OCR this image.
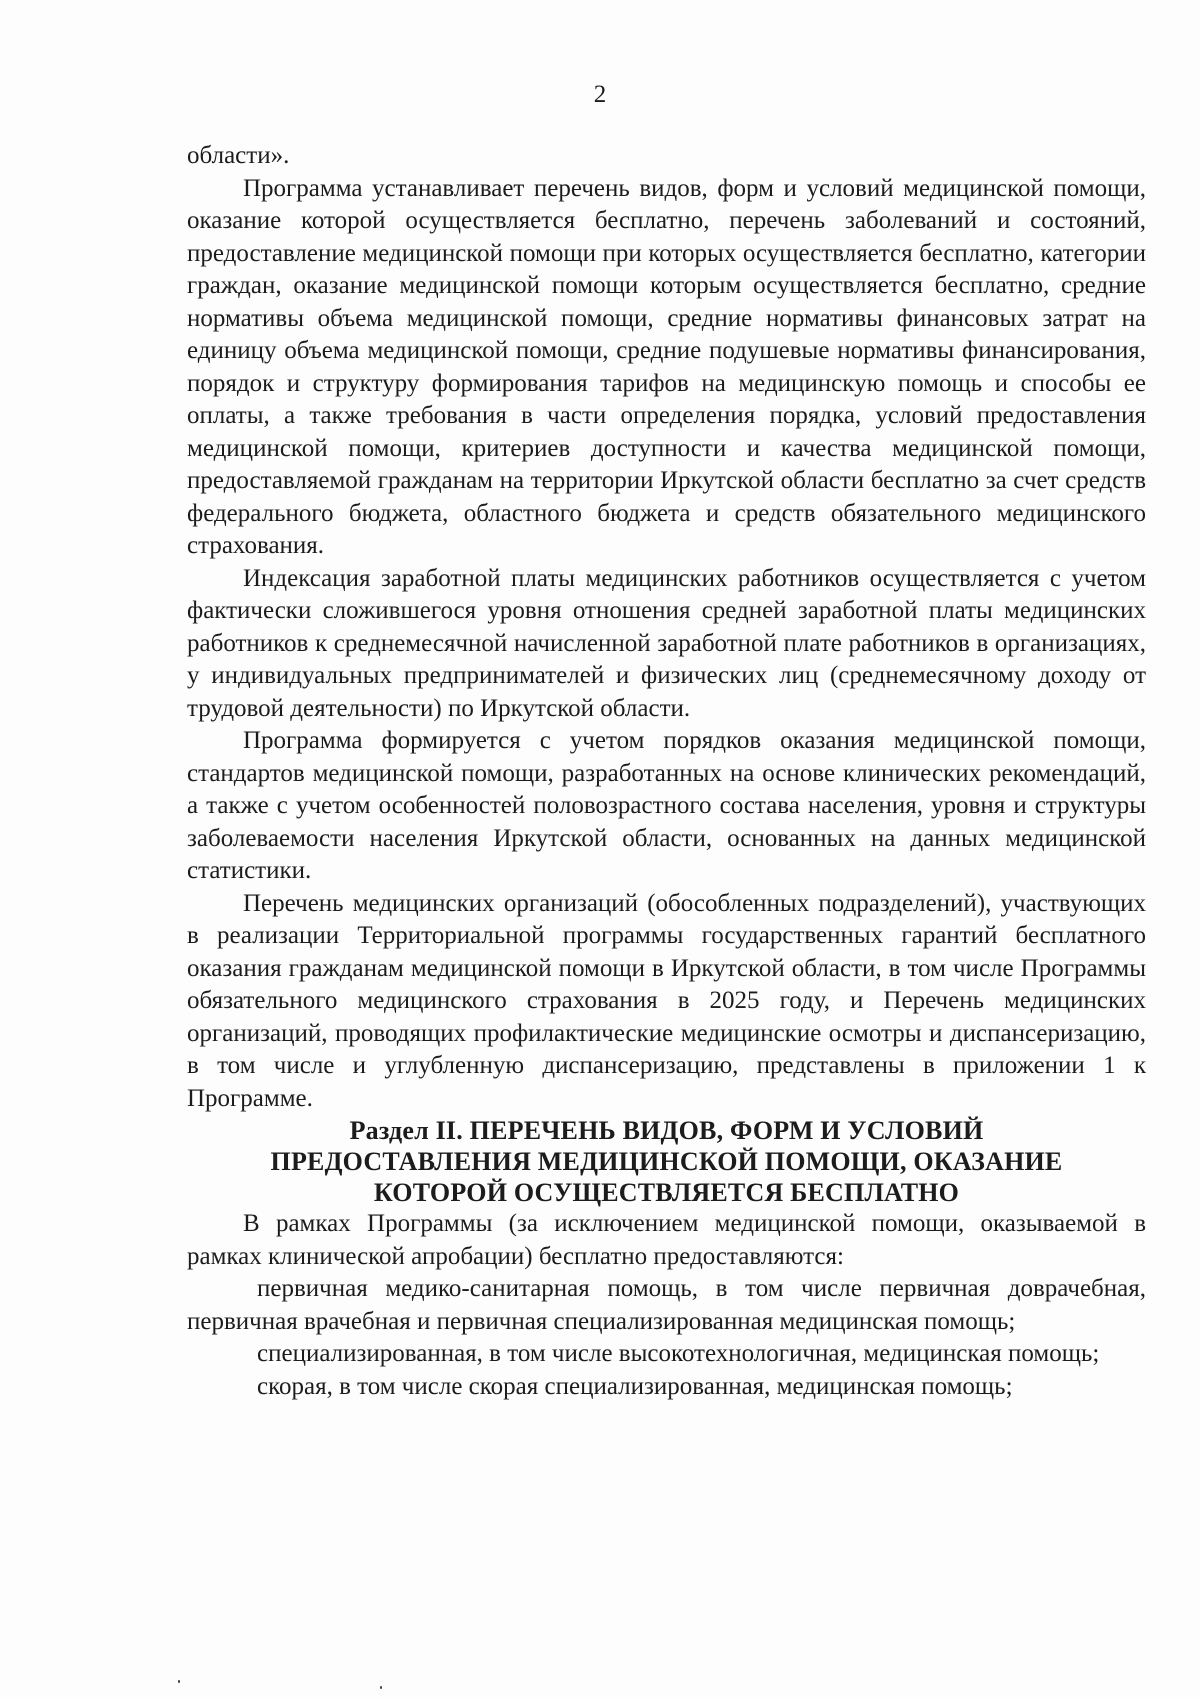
2

области».

Программа устанавливает перечень видов, форм и условий медицинской помощи, оказание которой осуществляется бесплатно, перечень заболеваний и состояний, предоставление медицинской помощи при которых осуществляется бесплатно, категории граждан, оказание медицинской помощи которым осуществляется бесплатно, средние нормативы объема медицинской помощи, средние нормативы финансовых затрат на единицу объема медицинской помощи, средние подушевые нормативы финансирования, порядок и структуру формирования тарифов на медицинскую помощь и способы ее оплаты, а также требования в части определения порядка, условий предоставления медицинской помощи, критериев доступности и качества медицинской помощи, предоставляемой гражданам на территории Иркутской области бесплатно за счет средств федерального бюджета, областного бюджета и средств обязательного медицинского страхования.

Индексация заработной платы медицинских работников осуществляется с учетом фактически сложившегося уровня отношения средней заработной платы медицинских работников к среднемесячной начисленной заработной плате работников в организациях, у индивидуальных предпринимателей и физических лиц (среднемесячному доходу от трудовой деятельности) по Иркутской области.

Программа формируется с учетом порядков оказания медицинской помощи, стандартов медицинской помощи, разработанных на основе клинических рекомендаций, а также с учетом особенностей половозрастного состава населения, уровня и структуры заболеваемости населения Иркутской области, основанных на данных медицинской статистики.

Перечень медицинских организаций (обособленных подразделений), участвующих в реализации Территориальной программы государственных гарантий бесплатного оказания гражданам медицинской помощи в Иркутской области, в том числе Программы обязательного медицинского страхования в 2025 году, и Перечень медицинских организаций, проводящих профилактические медицинские осмотры и диспансеризацию, в том числе и углубленную диспансеризацию, представлены в приложении 1 к Программе.

Раздел II. ПЕРЕЧЕНЬ ВИДОВ, ФОРМ И УСЛОВИЙ
ПРЕДОСТАВЛЕНИЯ МЕДИЦИНСКОЙ ПОМОЩИ, ОКАЗАНИЕ
КОТОРОЙ ОСУЩЕСТВЛЯЕТСЯ БЕСПЛАТНО

В рамках Программы (за исключением медицинской помощи, оказываемой в рамках клинической апробации) бесплатно предоставляются:

первичная медико-санитарная помощь, в том числе первичная доврачебная, первичная врачебная и первичная специализированная медицинская помощь;

специализированная, в том числе высокотехнологичная, медицинская помощь;

скорая, в том числе скорая специализированная, медицинская помощь;
